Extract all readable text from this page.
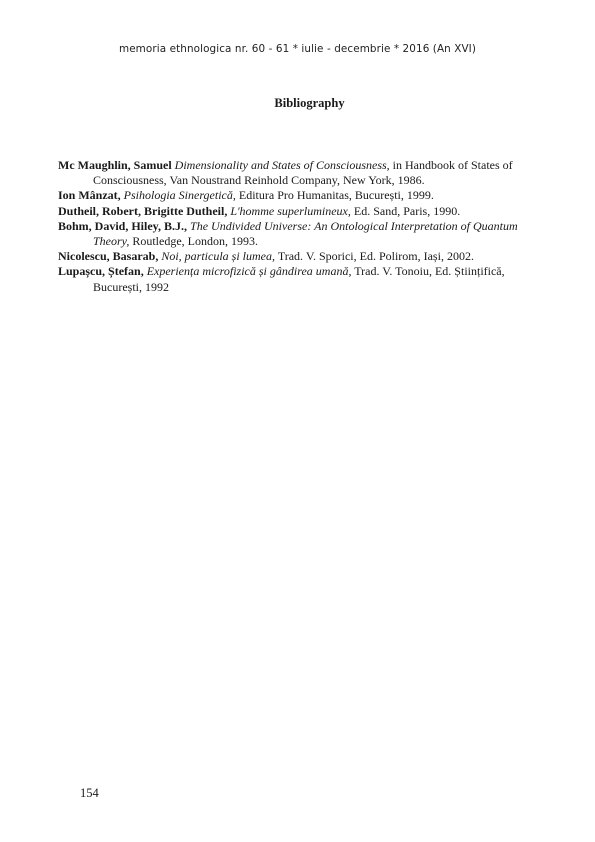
memoria ethnologica nr. 60 - 61 * iulie - decembrie * 2016 (An XVI)
Bibliography

Mc Maughlin, Samuel Dimensionality and States of Consciousness, in Handbook of States of Consciousness, Van Noustrand Reinhold Company, New York, 1986.

Ion Mânzat, Psihologia Sinergetică, Editura Pro Humanitas, București, 1999.

Dutheil, Robert, Brigitte Dutheil, L'homme superlumineux, Ed. Sand, Paris, 1990.

Bohm, David, Hiley, B.J., The Undivided Universe: An Ontological Interpretation of Quantum Theory, Routledge, London, 1993.

Nicolescu, Basarab, Noi, particula și lumea, Trad. V. Sporici, Ed. Polirom, Iași, 2002.

Lupașcu, Ștefan, Experiența microfizică și gândirea umană, Trad. V. Tonoiu, Ed. Științifică, București, 1992

154
